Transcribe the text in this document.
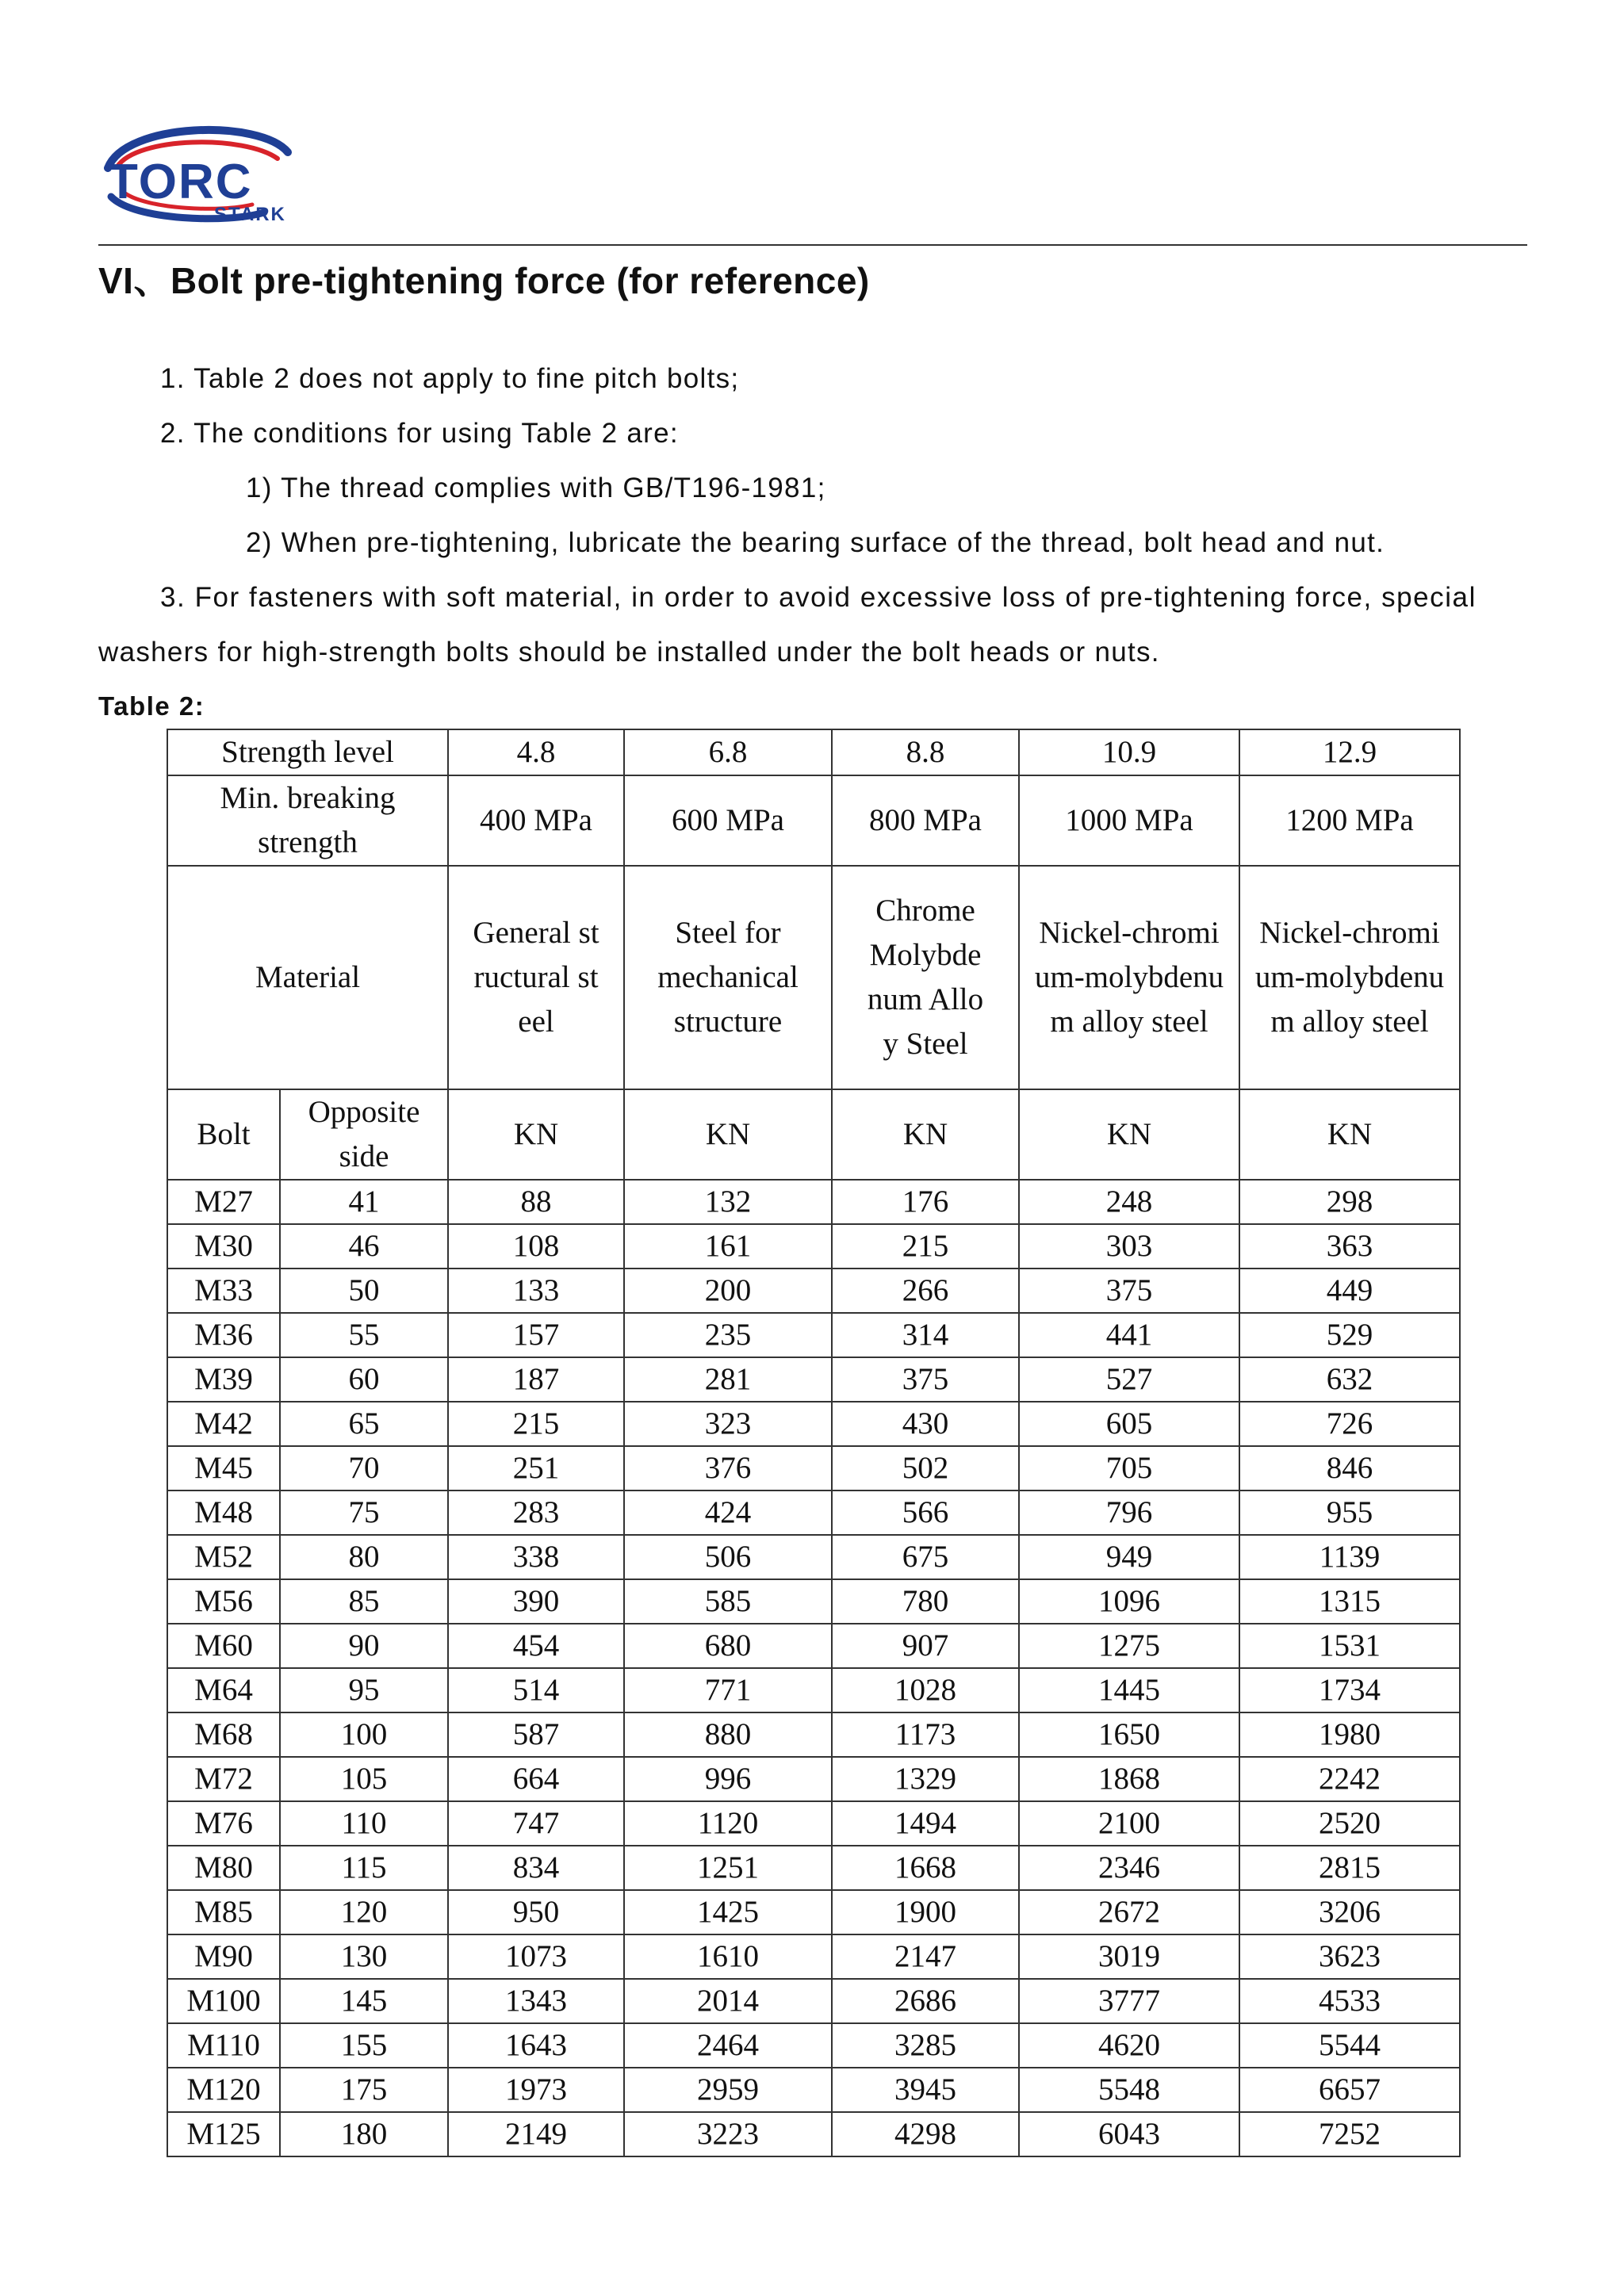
TORC
STARK
VI、Bolt pre-tightening force (for reference)

1. Table 2 does not apply to fine pitch bolts;

2. The conditions for using Table 2 are:

1) The thread complies with GB/T196-1981;

2) When pre-tightening, lubricate the bearing surface of the thread, bolt head and nut.

3. For fasteners with soft material, in order to avoid excessive loss of pre-tightening force, special

washers for high-strength bolts should be installed under the bolt heads or nuts.

Table 2:
Strength level		4.8	6.8	8.8	10.9	12.9
Min. breaking strength		400 MPa	600 MPa	800 MPa	1000 MPa	1200 MPa
Material		General structural steel	Steel for mechanical structure	Chrome Molybdenum Alloy Steel	Nickel-chromium-molybdenum alloy steel	Nickel-chromium-molybdenum alloy steel
Bolt	Opposite side	KN	KN	KN	KN	KN
M27	41	88	132	176	248	298
M30	46	108	161	215	303	363
M33	50	133	200	266	375	449
M36	55	157	235	314	441	529
M39	60	187	281	375	527	632
M42	65	215	323	430	605	726
M45	70	251	376	502	705	846
M48	75	283	424	566	796	955
M52	80	338	506	675	949	1139
M56	85	390	585	780	1096	1315
M60	90	454	680	907	1275	1531
M64	95	514	771	1028	1445	1734
M68	100	587	880	1173	1650	1980
M72	105	664	996	1329	1868	2242
M76	110	747	1120	1494	2100	2520
M80	115	834	1251	1668	2346	2815
M85	120	950	1425	1900	2672	3206
M90	130	1073	1610	2147	3019	3623
M100	145	1343	2014	2686	3777	4533
M110	155	1643	2464	3285	4620	5544
M120	175	1973	2959	3945	5548	6657
M125	180	2149	3223	4298	6043	7252
